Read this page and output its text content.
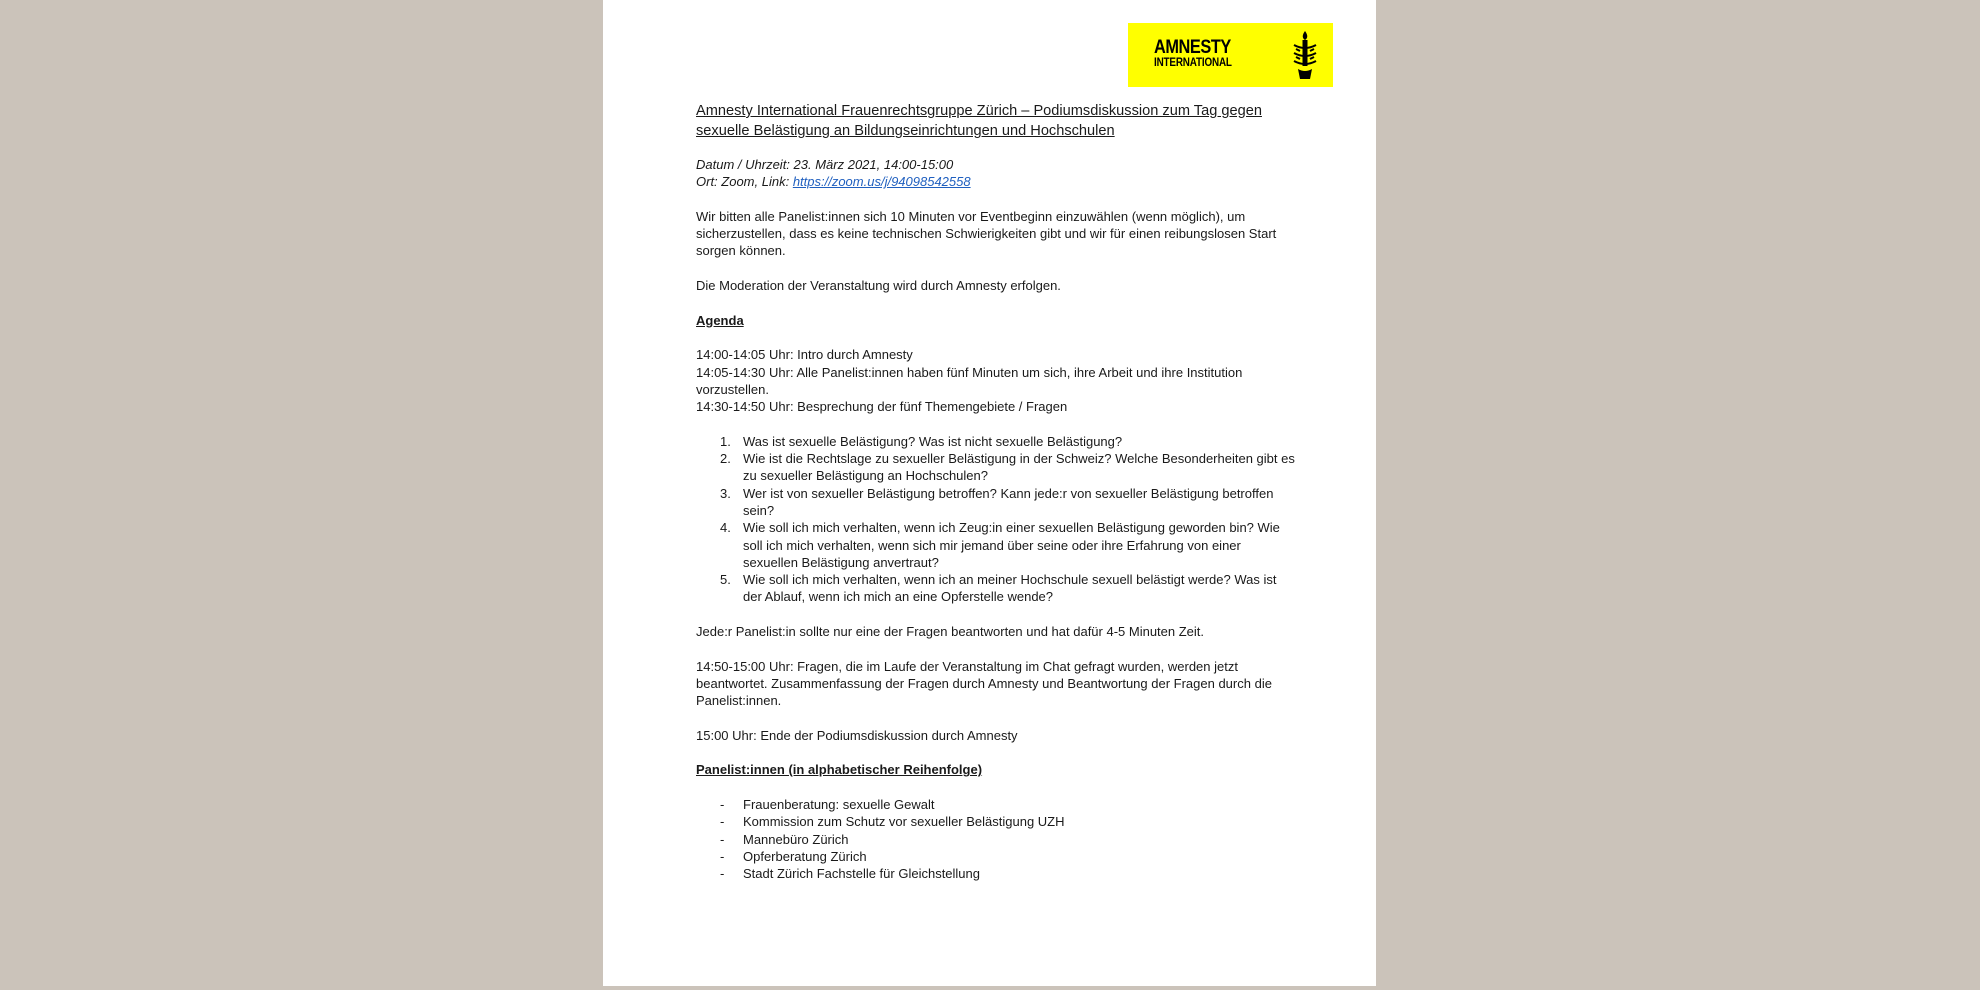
AMNESTY
INTERNATIONAL

Amnesty International Frauenrechtsgruppe Zürich – Podiumsdiskussion zum Tag gegen sexuelle Belästigung an Bildungseinrichtungen und Hochschulen

Datum / Uhrzeit: 23. März 2021, 14:00-15:00

Ort: Zoom, Link: https://zoom.us/j/94098542558

Wir bitten alle Panelist:innen sich 10 Minuten vor Eventbeginn einzuwählen (wenn möglich), um sicherzustellen, dass es keine technischen Schwierigkeiten gibt und wir für einen reibungslosen Start sorgen können.

Die Moderation der Veranstaltung wird durch Amnesty erfolgen.

Agenda

14:00-14:05 Uhr: Intro durch Amnesty

14:05-14:30 Uhr: Alle Panelist:innen haben fünf Minuten um sich, ihre Arbeit und ihre Institution vorzustellen.

14:30-14:50 Uhr: Besprechung der fünf Themengebiete / Fragen

1. Was ist sexuelle Belästigung? Was ist nicht sexuelle Belästigung?
2. Wie ist die Rechtslage zu sexueller Belästigung in der Schweiz? Welche Besonderheiten gibt es zu sexueller Belästigung an Hochschulen?
3. Wer ist von sexueller Belästigung betroffen? Kann jede:r von sexueller Belästigung betroffen sein?
4. Wie soll ich mich verhalten, wenn ich Zeug:in einer sexuellen Belästigung geworden bin? Wie soll ich mich verhalten, wenn sich mir jemand über seine oder ihre Erfahrung von einer sexuellen Belästigung anvertraut?
5. Wie soll ich mich verhalten, wenn ich an meiner Hochschule sexuell belästigt werde? Was ist der Ablauf, wenn ich mich an eine Opferstelle wende?

Jede:r Panelist:in sollte nur eine der Fragen beantworten und hat dafür 4-5 Minuten Zeit.

14:50-15:00 Uhr: Fragen, die im Laufe der Veranstaltung im Chat gefragt wurden, werden jetzt beantwortet. Zusammenfassung der Fragen durch Amnesty und Beantwortung der Fragen durch die Panelist:innen.

15:00 Uhr: Ende der Podiumsdiskussion durch Amnesty

Panelist:innen (in alphabetischer Reihenfolge)

- Frauenberatung: sexuelle Gewalt
- Kommission zum Schutz vor sexueller Belästigung UZH
- Mannebüro Zürich
- Opferberatung Zürich
- Stadt Zürich Fachstelle für Gleichstellung
